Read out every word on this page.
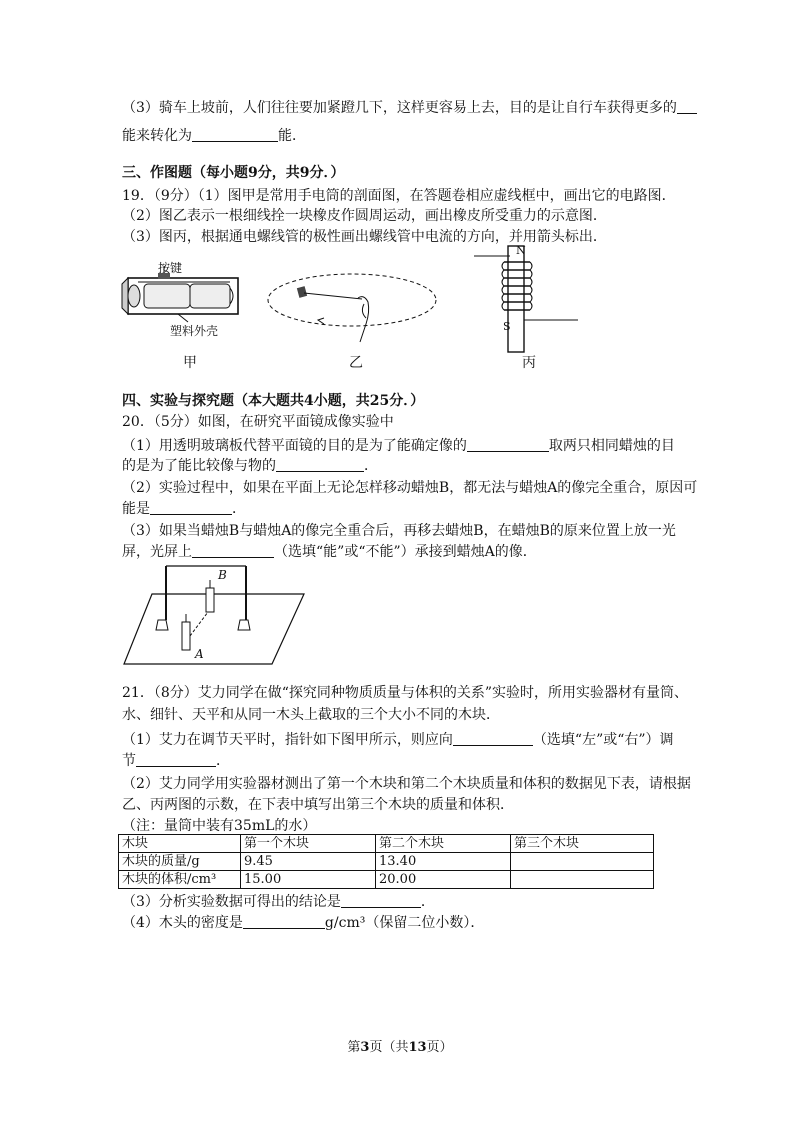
（3）骑车上坡前，人们往往要加紧蹬几下，这样更容易上去，目的是让自行车获得更多的
能来转化为	能．
三、作图题（每小题9分，共9分．）
19．（9分）（1）图甲是常用手电筒的剖面图，在答题卷相应虚线框中，画出它的电路图．
（2）图乙表示一根细线拴一块橡皮作圆周运动，画出橡皮所受重力的示意图．
（3）图丙，根据通电螺线管的极性画出螺线管中电流的方向，并用箭头标出．
按键
塑料外壳
甲	乙
N
S
丙
四、实验与探究题（本大题共4小题，共25分．）
20．（5分）如图，在研究平面镜成像实验中
（1）用透明玻璃板代替平面镜的目的是为了能确定像的	取两只相同蜡烛的目
的是为了能比较像与物的	．
（2）实验过程中，如果在平面上无论怎样移动蜡烛B，都无法与蜡烛A的像完全重合，原因可
能是	．
（3）如果当蜡烛B与蜡烛A的像完全重合后，再移去蜡烛B，在蜡烛B的原来位置上放一光
屏，光屏上	（选填“能”或“不能”）承接到蜡烛A的像．
B
A
21．（8分）艾力同学在做“探究同种物质质量与体积的关系”实验时，所用实验器材有量筒、
水、细针、天平和从同一木头上截取的三个大小不同的木块．
（1）艾力在调节天平时，指针如下图甲所示，则应向	（选填“左”或“右”）调
节	．
（2）艾力同学用实验器材测出了第一个木块和第二个木块质量和体积的数据见下表，请根据
乙、丙两图的示数，在下表中填写出第三个木块的质量和体积．
（注：量筒中装有35mL的水）
木块	第一个木块	第二个木块	第三个木块
木块的质量/g	9.45	13.40	
木块的体积/cm³	15.00	20.00	
（3）分析实验数据可得出的结论是	．
（4）木头的密度是	g/cm³（保留二位小数）．
第3页（共13页）
